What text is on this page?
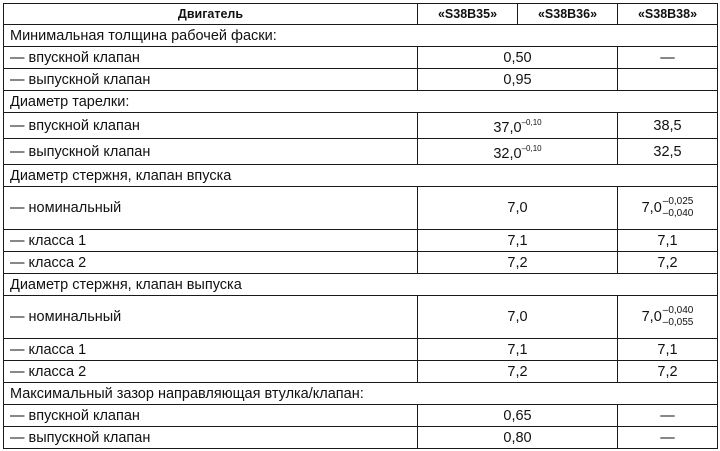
Двигатель	«S38B35»	«S38B36»	«S38B38»
Минимальная толщина рабочей фаски:			
— впускной клапан	0,50		—
— выпускной клапан	0,95		
Диаметр тарелки:			
— впускной клапан	$37,0^{-0,10}$		38,5
— выпускной клапан	$32,0^{-0,10}$		32,5
Диаметр стержня, клапан впуска			
— номинальный	7,0		7,0 –0,025
–0,040

— класса 1	7,1		7,1
— класса 2	7,2		7,2
Диаметр стержня, клапан выпуска			
— номинальный	7,0		7,0 –0,040
–0,055

— класса 1	7,1		7,1
— класса 2	7,2		7,2
Максимальный зазор направляющая втулка/клапан:			
— впускной клапан	0,65		—
— выпускной клапан	0,80		—
